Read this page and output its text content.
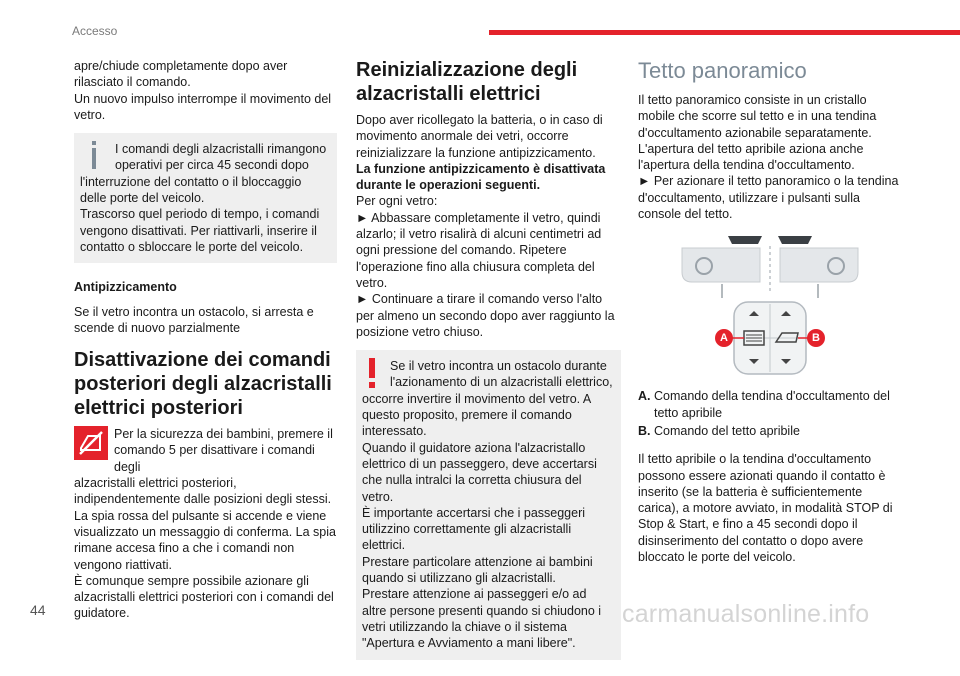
Accesso

apre/chiude completamente dopo aver rilasciato il comando.

Un nuovo impulso interrompe il movimento del vetro.

I comandi degli alzacristalli rimangono operativi per circa 45 secondi dopo

l'interruzione del contatto o il bloccaggio delle porte del veicolo.

Trascorso quel periodo di tempo, i comandi vengono disattivati. Per riattivarli, inserire il contatto o sbloccare le porte del veicolo.

Antipizzicamento

Se il vetro incontra un ostacolo, si arresta e scende di nuovo parzialmente

Disattivazione dei comandi posteriori degli alzacristalli elettrici posteriori

Per la sicurezza dei bambini, premere il comando 5 per disattivare i comandi degli

alzacristalli elettrici posteriori, indipendentemente dalle posizioni degli stessi.

La spia rossa del pulsante si accende e viene visualizzato un messaggio di conferma. La spia rimane accesa fino a che i comandi non vengono riattivati.

È comunque sempre possibile azionare gli alzacristalli elettrici posteriori con i comandi del guidatore.

Reinizializzazione degli alzacristalli elettrici

Dopo aver ricollegato la batteria, o in caso di movimento anormale dei vetri, occorre reinizializzare la funzione antipizzicamento.

La funzione antipizzicamento è disattivata durante le operazioni seguenti.

Per ogni vetro:

► Abbassare completamente il vetro, quindi alzarlo; il vetro risalirà di alcuni centimetri ad ogni pressione del comando. Ripetere l'operazione fino alla chiusura completa del vetro.

► Continuare a tirare il comando verso l'alto per almeno un secondo dopo aver raggiunto la posizione vetro chiuso.

Se il vetro incontra un ostacolo durante l'azionamento di un alzacristalli elettrico,

occorre invertire il movimento del vetro. A questo proposito, premere il comando interessato.

Quando il guidatore aziona l'alzacristallo elettrico di un passeggero, deve accertarsi che nulla intralci la corretta chiusura del vetro.

È importante accertarsi che i passeggeri utilizzino correttamente gli alzacristalli elettrici.

Prestare particolare attenzione ai bambini quando si utilizzano gli alzacristalli.

Prestare attenzione ai passeggeri e/o ad altre persone presenti quando si chiudono i vetri utilizzando la chiave o il sistema "Apertura e Avviamento a mani libere".

Tetto panoramico

Il tetto panoramico consiste in un cristallo mobile che scorre sul tetto e in una tendina d'occultamento azionabile separatamente.

L'apertura del tetto apribile aziona anche l'apertura della tendina d'occultamento.

► Per azionare il tetto panoramico o la tendina d'occultamento, utilizzare i pulsanti sulla console del tetto.

A	B
A. Comando della tendina d'occultamento del tetto apribile
B. Comando del tetto apribile

Il tetto apribile o la tendina d'occultamento possono essere azionati quando il contatto è inserito (se la batteria è sufficientemente carica), a motore avviato, in modalità STOP di Stop & Start, e fino a 45 secondi dopo il disinserimento del contatto o dopo avere bloccato le porte del veicolo.

44	carmanualsonline.info
